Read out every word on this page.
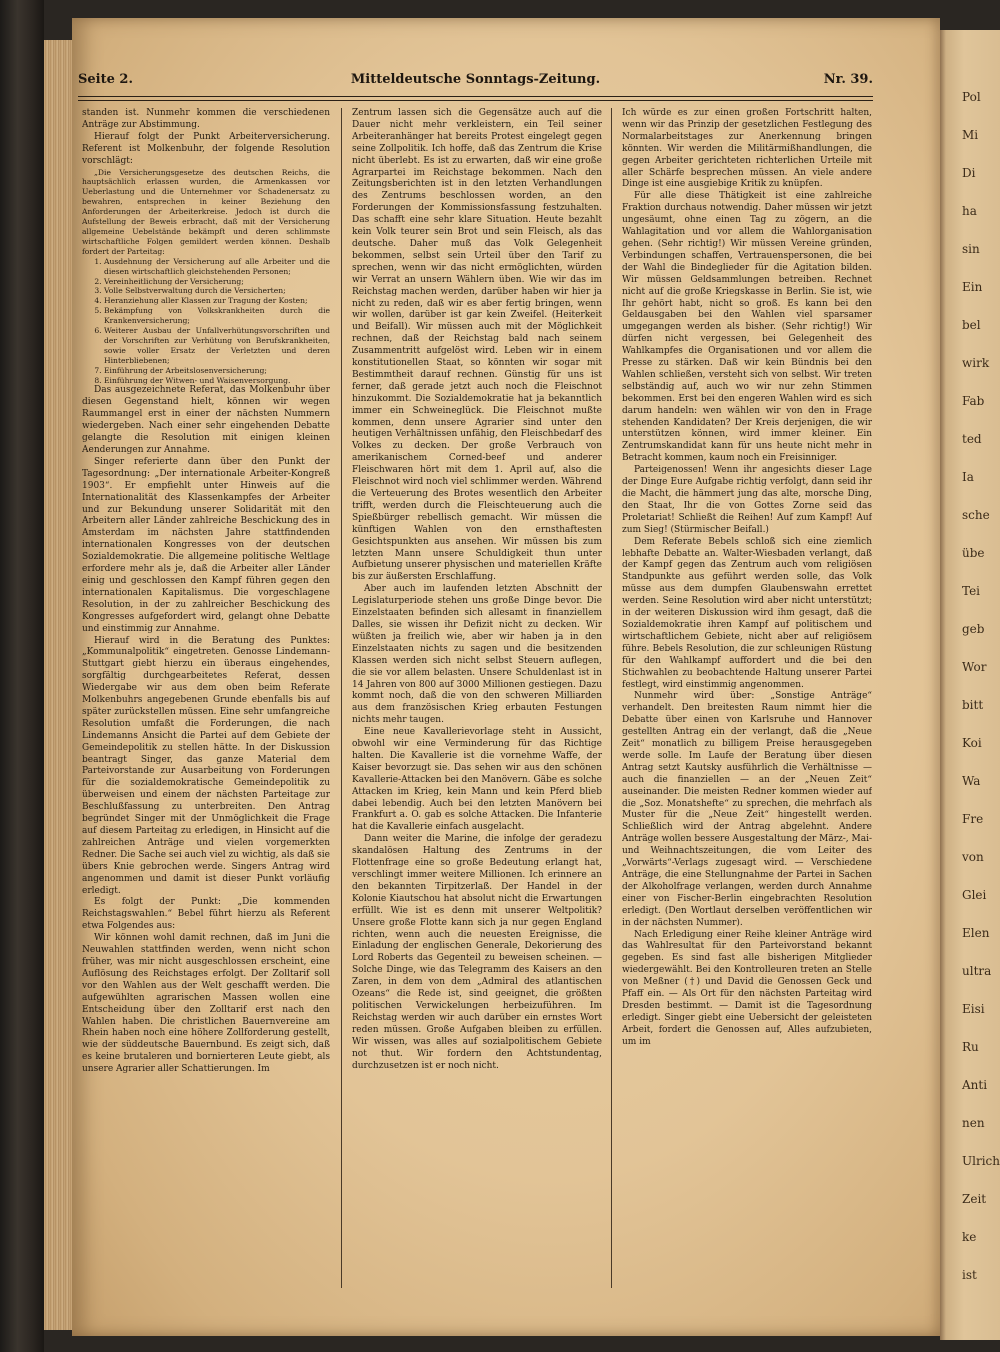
Pol
Mi
Di
ha
sin
Ein
bel
wirk
Fab
ted
Ia
sche
übe
Tei
geb
Wor
bitt
Koi
Wa
Fre
von
Glei
Elen
ultra
Eisi
Ru
Anti
nen
Ulrich
Zeit
ke
ist
Seite 2.	Mitteldeutsche Sonntags-Zeitung.	Nr. 39.

standen ist. Nunmehr kommen die verschiedenen Anträge zur Abstimmung.

Hierauf folgt der Punkt Arbeiterversicherung. Referent ist Molkenbuhr, der folgende Resolution vorschlägt:

„Die Versicherungsgesetze des deutschen Reichs, die hauptsächlich erlassen wurden, die Armenkassen vor Ueberlastung und die Unternehmer vor Schadenersatz zu bewahren, entsprechen in keiner Beziehung den Anforderungen der Arbeiterkreise. Jedoch ist durch die Aufstellung der Beweis erbracht, daß mit der Versicherung allgemeine Uebelstände bekämpft und deren schlimmste wirtschaftliche Folgen gemildert werden können. Deshalb fordert der Parteitag:

1. Ausdehnung der Versicherung auf alle Arbeiter und die diesen wirtschaftlich gleichstehenden Personen;
2. Vereinheitlichung der Versicherung;
3. Volle Selbstverwaltung durch die Versicherten;
4. Heranziehung aller Klassen zur Tragung der Kosten;
5. Bekämpfung von Volkskrankheiten durch die Krankenversicherung;
6. Weiterer Ausbau der Unfallverhütungsvorschriften und der Vorschriften zur Verhütung von Berufskrankheiten, sowie voller Ersatz der Verletzten und deren Hinterbliebenen;
7. Einführung der Arbeitslosenversicherung;
8. Einführung der Witwen- und Waisenversorgung.

Das ausgezeichnete Referat, das Molkenbuhr über diesen Gegenstand hielt, können wir wegen Raummangel erst in einer der nächsten Nummern wiedergeben. Nach einer sehr eingehenden Debatte gelangte die Resolution mit einigen kleinen Aenderungen zur Annahme.

Singer referierte dann über den Punkt der Tagesordnung: „Der internationale Arbeiter-Kongreß 1903“. Er empfiehlt unter Hinweis auf die Internationalität des Klassenkampfes der Arbeiter und zur Bekundung unserer Solidarität mit den Arbeitern aller Länder zahlreiche Beschickung des in Amsterdam im nächsten Jahre stattfindenden internationalen Kongresses von der deutschen Sozialdemokratie. Die allgemeine politische Weltlage erfordere mehr als je, daß die Arbeiter aller Länder einig und geschlossen den Kampf führen gegen den internationalen Kapitalismus. Die vorgeschlagene Resolution, in der zu zahlreicher Beschickung des Kongresses aufgefordert wird, gelangt ohne Debatte und einstimmig zur Annahme.

Hierauf wird in die Beratung des Punktes: „Kommunalpolitik“ eingetreten. Genosse Lindemann-Stuttgart giebt hierzu ein überaus eingehendes, sorgfältig durchgearbeitetes Referat, dessen Wiedergabe wir aus dem oben beim Referate Molkenbuhrs angegebenen Grunde ebenfalls bis auf später zurückstellen müssen. Eine sehr umfangreiche Resolution umfaßt die Forderungen, die nach Lindemanns Ansicht die Partei auf dem Gebiete der Gemeindepolitik zu stellen hätte. In der Diskussion beantragt Singer, das ganze Material dem Parteivorstande zur Ausarbeitung von Forderungen für die sozialdemokratische Gemeindepolitik zu überweisen und einem der nächsten Parteitage zur Beschlußfassung zu unterbreiten. Den Antrag begründet Singer mit der Unmöglichkeit die Frage auf diesem Parteitag zu erledigen, in Hinsicht auf die zahlreichen Anträge und vielen vorgemerkten Redner. Die Sache sei auch viel zu wichtig, als daß sie übers Knie gebrochen werde. Singers Antrag wird angenommen und damit ist dieser Punkt vorläufig erledigt.

Es folgt der Punkt: „Die kommenden Reichstagswahlen.“ Bebel führt hierzu als Referent etwa Folgendes aus:

Wir können wohl damit rechnen, daß im Juni die Neuwahlen stattfinden werden, wenn nicht schon früher, was mir nicht ausgeschlossen erscheint, eine Auflösung des Reichstages erfolgt. Der Zolltarif soll vor den Wahlen aus der Welt geschafft werden. Die aufgewühlten agrarischen Massen wollen eine Entscheidung über den Zolltarif erst nach den Wahlen haben. Die christlichen Bauernvereine am Rhein haben noch eine höhere Zollforderung gestellt, wie der süddeutsche Bauernbund. Es zeigt sich, daß es keine brutaleren und bornierteren Leute giebt, als unsere Agrarier aller Schattierungen. Im

Zentrum lassen sich die Gegensätze auch auf die Dauer nicht mehr verkleistern, ein Teil seiner Arbeiteranhänger hat bereits Protest eingelegt gegen seine Zollpolitik. Ich hoffe, daß das Zentrum die Krise nicht überlebt. Es ist zu erwarten, daß wir eine große Agrarpartei im Reichstage bekommen. Nach den Zeitungsberichten ist in den letzten Verhandlungen des Zentrums beschlossen worden, an den Forderungen der Kommissionsfassung festzuhalten. Das schafft eine sehr klare Situation. Heute bezahlt kein Volk teurer sein Brot und sein Fleisch, als das deutsche. Daher muß das Volk Gelegenheit bekommen, selbst sein Urteil über den Tarif zu sprechen, wenn wir das nicht ermöglichten, würden wir Verrat an unsern Wählern üben. Wie wir das im Reichstag machen werden, darüber haben wir hier ja nicht zu reden, daß wir es aber fertig bringen, wenn wir wollen, darüber ist gar kein Zweifel. (Heiterkeit und Beifall). Wir müssen auch mit der Möglichkeit rechnen, daß der Reichstag bald nach seinem Zusammentritt aufgelöst wird. Leben wir in einem konstitutionellen Staat, so könnten wir sogar mit Bestimmtheit darauf rechnen. Günstig für uns ist ferner, daß gerade jetzt auch noch die Fleischnot hinzukommt. Die Sozialdemokratie hat ja bekanntlich immer ein Schweineglück. Die Fleischnot mußte kommen, denn unsere Agrarier sind unter den heutigen Verhältnissen unfähig, den Fleischbedarf des Volkes zu decken. Der große Verbrauch von amerikanischem Corned-beef und anderer Fleischwaren hört mit dem 1. April auf, also die Fleischnot wird noch viel schlimmer werden. Während die Verteuerung des Brotes wesentlich den Arbeiter trifft, werden durch die Fleischteuerung auch die Spießbürger rebellisch gemacht. Wir müssen die künftigen Wahlen von den ernsthaftesten Gesichtspunkten aus ansehen. Wir müssen bis zum letzten Mann unsere Schuldigkeit thun unter Aufbietung unserer physischen und materiellen Kräfte bis zur äußersten Erschlaffung.

Aber auch im laufenden letzten Abschnitt der Legislaturperiode stehen uns große Dinge bevor. Die Einzelstaaten befinden sich allesamt in finanziellem Dalles, sie wissen ihr Defizit nicht zu decken. Wir wüßten ja freilich wie, aber wir haben ja in den Einzelstaaten nichts zu sagen und die besitzenden Klassen werden sich nicht selbst Steuern auflegen, die sie vor allem belasten. Unsere Schuldenlast ist in 14 Jahren von 800 auf 3000 Millionen gestiegen. Dazu kommt noch, daß die von den schweren Milliarden aus dem französischen Krieg erbauten Festungen nichts mehr taugen.

Eine neue Kavallerievorlage steht in Aussicht, obwohl wir eine Verminderung für das Richtige halten. Die Kavallerie ist die vornehme Waffe, der Kaiser bevorzugt sie. Das sehen wir aus den schönen Kavallerie-Attacken bei den Manövern. Gäbe es solche Attacken im Krieg, kein Mann und kein Pferd blieb dabei lebendig. Auch bei den letzten Manövern bei Frankfurt a. O. gab es solche Attacken. Die Infanterie hat die Kavallerie einfach ausgelacht.

Dann weiter die Marine, die infolge der geradezu skandalösen Haltung des Zentrums in der Flottenfrage eine so große Bedeutung erlangt hat, verschlingt immer weitere Millionen. Ich erinnere an den bekannten Tirpitzerlaß. Der Handel in der Kolonie Kiautschou hat absolut nicht die Erwartungen erfüllt. Wie ist es denn mit unserer Weltpolitik? Unsere große Flotte kann sich ja nur gegen England richten, wenn auch die neuesten Ereignisse, die Einladung der englischen Generale, Dekorierung des Lord Roberts das Gegenteil zu beweisen scheinen. — Solche Dinge, wie das Telegramm des Kaisers an den Zaren, in dem von dem „Admiral des atlantischen Ozeans“ die Rede ist, sind geeignet, die größten politischen Verwickelungen herbeizuführen. Im Reichstag werden wir auch darüber ein ernstes Wort reden müssen. Große Aufgaben bleiben zu erfüllen. Wir wissen, was alles auf sozialpolitischem Gebiete not thut. Wir fordern den Achtstundentag, durchzusetzen ist er noch nicht.

Ich würde es zur einen großen Fortschritt halten, wenn wir das Prinzip der gesetzlichen Festlegung des Normalarbeitstages zur Anerkennung bringen könnten. Wir werden die Militärmißhandlungen, die gegen Arbeiter gerichteten richterlichen Urteile mit aller Schärfe besprechen müssen. An viele andere Dinge ist eine ausgiebige Kritik zu knüpfen.

Für alle diese Thätigkeit ist eine zahlreiche Fraktion durchaus notwendig. Daher müssen wir jetzt ungesäumt, ohne einen Tag zu zögern, an die Wahlagitation und vor allem die Wahlorganisation gehen. (Sehr richtig!) Wir müssen Vereine gründen, Verbindungen schaffen, Vertrauenspersonen, die bei der Wahl die Bindeglieder für die Agitation bilden. Wir müssen Geldsammlungen betreiben. Rechnet nicht auf die große Kriegskasse in Berlin. Sie ist, wie Ihr gehört habt, nicht so groß. Es kann bei den Geldausgaben bei den Wahlen viel sparsamer umgegangen werden als bisher. (Sehr richtig!) Wir dürfen nicht vergessen, bei Gelegenheit des Wahlkampfes die Organisationen und vor allem die Presse zu stärken. Daß wir kein Bündnis bei den Wahlen schließen, versteht sich von selbst. Wir treten selbständig auf, auch wo wir nur zehn Stimmen bekommen. Erst bei den engeren Wahlen wird es sich darum handeln: wen wählen wir von den in Frage stehenden Kandidaten? Der Kreis derjenigen, die wir unterstützen können, wird immer kleiner. Ein Zentrumskandidat kann für uns heute nicht mehr in Betracht kommen, kaum noch ein Freisinniger.

Parteigenossen! Wenn ihr angesichts dieser Lage der Dinge Eure Aufgabe richtig verfolgt, dann seid ihr die Macht, die hämmert jung das alte, morsche Ding, den Staat, Ihr die von Gottes Zorne seid das Proletariat! Schließt die Reihen! Auf zum Kampf! Auf zum Sieg! (Stürmischer Beifall.)

Dem Referate Bebels schloß sich eine ziemlich lebhafte Debatte an. Walter-Wiesbaden verlangt, daß der Kampf gegen das Zentrum auch vom religiösen Standpunkte aus geführt werden solle, das Volk müsse aus dem dumpfen Glaubenswahn errettet werden. Seine Resolution wird aber nicht unterstützt; in der weiteren Diskussion wird ihm gesagt, daß die Sozialdemokratie ihren Kampf auf politischem und wirtschaftlichem Gebiete, nicht aber auf religiösem führe. Bebels Resolution, die zur schleunigen Rüstung für den Wahlkampf auffordert und die bei den Stichwahlen zu beobachtende Haltung unserer Partei festlegt, wird einstimmig angenommen.

Nunmehr wird über: „Sonstige Anträge“ verhandelt. Den breitesten Raum nimmt hier die Debatte über einen von Karlsruhe und Hannover gestellten Antrag ein der verlangt, daß die „Neue Zeit“ monatlich zu billigem Preise herausgegeben werde solle. Im Laufe der Beratung über diesen Antrag setzt Kautsky ausführlich die Verhältnisse — auch die finanziellen — an der „Neuen Zeit“ auseinander. Die meisten Redner kommen wieder auf die „Soz. Monatshefte“ zu sprechen, die mehrfach als Muster für die „Neue Zeit“ hingestellt werden. Schließlich wird der Antrag abgelehnt. Andere Anträge wollen bessere Ausgestaltung der März-, Mai- und Weihnachtszeitungen, die vom Leiter des „Vorwärts“-Verlags zugesagt wird. — Verschiedene Anträge, die eine Stellungnahme der Partei in Sachen der Alkoholfrage verlangen, werden durch Annahme einer von Fischer-Berlin eingebrachten Resolution erledigt. (Den Wortlaut derselben veröffentlichen wir in der nächsten Nummer).

Nach Erledigung einer Reihe kleiner Anträge wird das Wahlresultat für den Parteivorstand bekannt gegeben. Es sind fast alle bisherigen Mitglieder wiedergewählt. Bei den Kontrolleuren treten an Stelle von Meßner (†) und David die Genossen Geck und Pfaff ein. — Als Ort für den nächsten Parteitag wird Dresden bestimmt. — Damit ist die Tagesordnung erledigt. Singer giebt eine Uebersicht der geleisteten Arbeit, fordert die Genossen auf, Alles aufzubieten, um im
